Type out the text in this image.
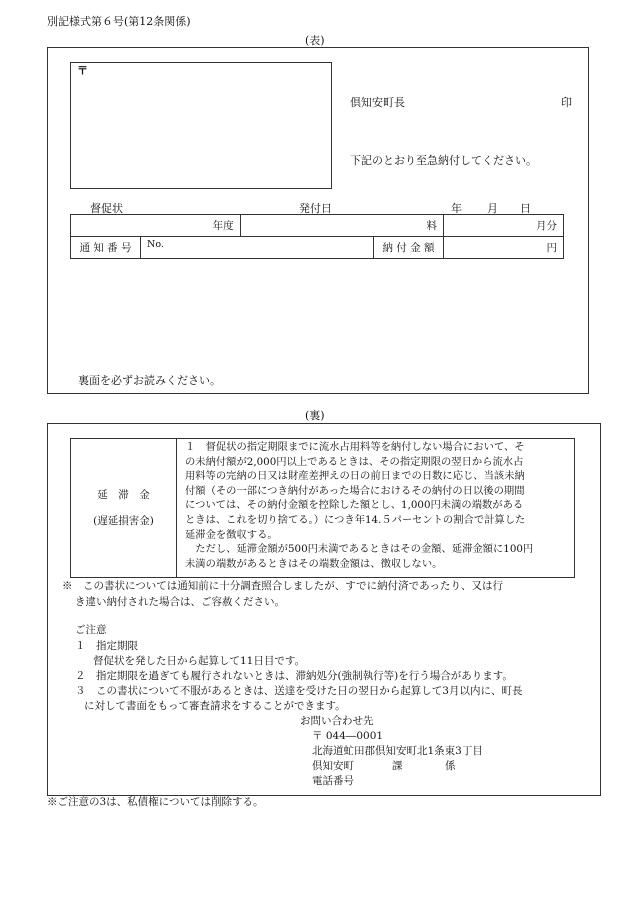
別記様式第６号(第12条関係)
(表)
〒
倶知安町長	印
下記のとおり至急納付してください。
督促状	発付日	年 月 日
年度		料		月分
通 知 番 号	No.		納 付 金 額	円
裏面を必ずお読みください。
(裏)
延　滞　金
(遅延損害金)

１　督促状の指定期限までに流水占用料等を納付しない場合において、そ
の未納付額が2,000円以上であるときは、その指定期限の翌日から流水占
用料等の完納の日又は財産差押えの日の前日までの日数に応じ、当該未納
付額（その一部につき納付があった場合におけるその納付の日以後の期間
については、その納付金額を控除した額とし、1,000円未満の端数がある
ときは、これを切り捨てる。）につき年14.５パーセントの割合で計算した
延滞金を徴収する。
　ただし、延滞金額が500円未満であるときはその金額、延滞金額に100円
未満の端数があるときはその端数金額は、徴収しない。
※　この書状については通知前に十分調査照合しましたが、すでに納付済であったり、又は行
き違い納付された場合は、ご容赦ください。
ご注意
１　指定期限
督促状を発した日から起算して11日目です。
２　指定期限を過ぎても履行されないときは、滞納処分(強制執行等)を行う場合があります。
３　この書状について不服があるときは、送達を受けた日の翌日から起算して3月以内に、町長
に対して書面をもって審査請求をすることができます。
お問い合わせ先
〒 044―0001
北海道虻田郡倶知安町北1条東3丁目
倶知安町	課	係
電話番号
※ご注意の3は、私債権については削除する。
